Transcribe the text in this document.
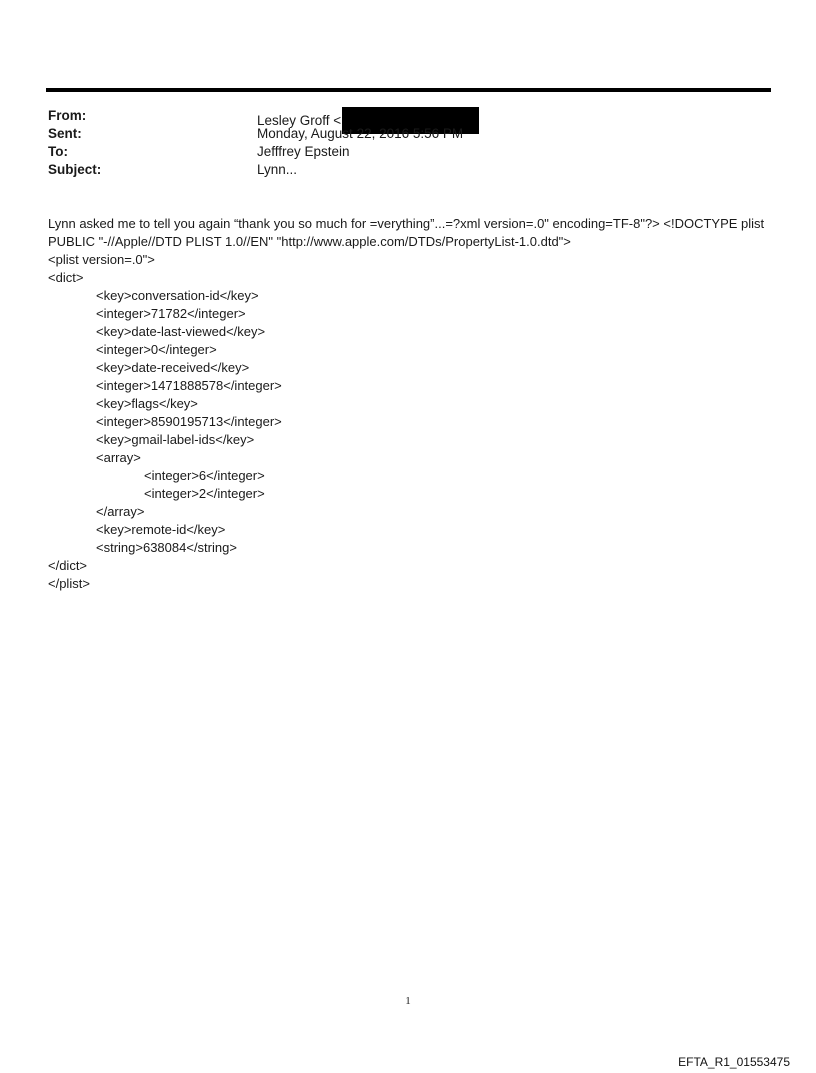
From:	Lesley Groff <
Sent:	Monday, August 22, 2016 5:56 PM
To:	Jefffrey Epstein
Subject:	Lynn...

Lynn asked me to tell you again “thank you so much for =verything”...=?xml version=.0" encoding=TF-8"?> <!DOCTYPE plist PUBLIC "-//Apple//DTD PLIST 1.0//EN" "http://www.apple.com/DTDs/PropertyList-1.0.dtd">

<plist version=.0">
<dict>
<key>conversation-id</key>
<integer>71782</integer>
<key>date-last-viewed</key>
<integer>0</integer>
<key>date-received</key>
<integer>1471888578</integer>
<key>flags</key>
<integer>8590195713</integer>
<key>gmail-label-ids</key>
<array>
<integer>6</integer>
<integer>2</integer>
</array>
<key>remote-id</key>
<string>638084</string>
</dict>
</plist>
1
EFTA_R1_01553475
